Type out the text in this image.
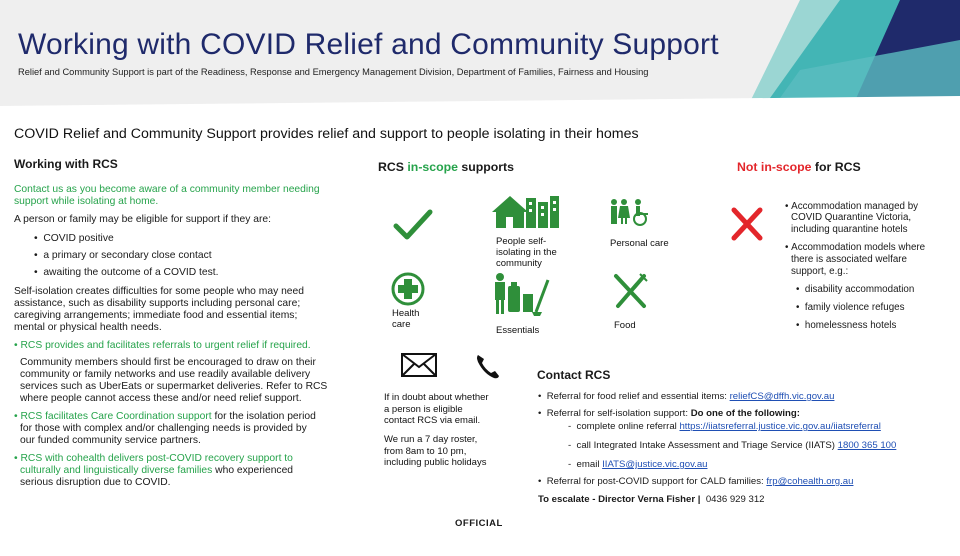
Working with COVID Relief and Community Support
Relief and Community Support is part of the Readiness, Response and Emergency Management Division, Department of Families, Fairness and Housing
COVID Relief and Community Support provides relief and support to people isolating in their homes
Working with RCS
Contact us as you become aware of a community member needing
support while isolating at home.
A person or family may be eligible for support if they are:
•  COVID positive
•  a primary or secondary close contact
•  awaiting the outcome of a COVID test.
Self-isolation creates difficulties for some people who may need
assistance, such as disability supports including personal care;
caregiving arrangements; immediate food and essential items;
mental or physical health needs.
• RCS provides and facilitates referrals to urgent relief if required.
Community members should first be encouraged to draw on their
community or family networks and use readily available delivery
services such as UberEats or supermarket deliveries. Refer to RCS
where people cannot access these and/or need relief support.
• RCS facilitates Care Coordination support for the isolation period
for those with complex and/or challenging needs is provided by
our funded community service partners.
• RCS with cohealth delivers post-COVID recovery support to
culturally and linguistically diverse families who experienced
serious disruption due to COVID.
RCS in-scope supports
People self-
isolating in the
community
Personal care
Health
care
Essentials	Food
If in doubt about whether
a person is eligible
contact RCS via email.
We run a 7 day roster,
from 8am to 10 pm,
including public holidays
Not in-scope for RCS
• Accommodation managed by
COVID Quarantine Victoria,
including quarantine hotels
• Accommodation models where
there is associated welfare
support, e.g.:
•  disability accommodation
•  family violence refuges
•  homelessness hotels
Contact RCS
•  Referral for food relief and essential items: reliefCS@dffh.vic.gov.au
•  Referral for self-isolation support: Do one of the following:
-  complete online referral https://iiatsreferral.justice.vic.gov.au/iiatsreferral
-  call Integrated Intake Assessment and Triage Service (IIATS) 1800 365 100
-  email IIATS@justice.vic.gov.au
•  Referral for post-COVID support for CALD families: frp@cohealth.org.au
To escalate - Director Verna Fisher | 0436 929 312
OFFICIAL
